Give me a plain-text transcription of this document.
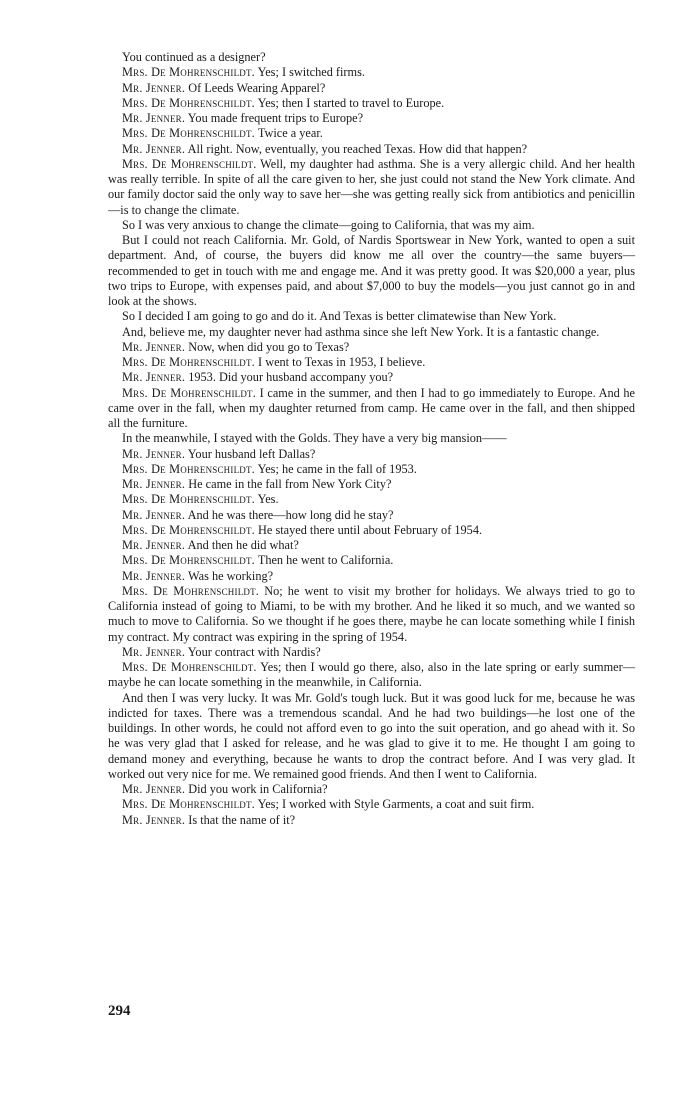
You continued as a designer?

Mrs. De Mohrenschildt. Yes; I switched firms.

Mr. Jenner. Of Leeds Wearing Apparel?

Mrs. De Mohrenschildt. Yes; then I started to travel to Europe.

Mr. Jenner. You made frequent trips to Europe?

Mrs. De Mohrenschildt. Twice a year.

Mr. Jenner. All right. Now, eventually, you reached Texas. How did that happen?

Mrs. De Mohrenschildt. Well, my daughter had asthma. She is a very allergic child. And her health was really terrible. In spite of all the care given to her, she just could not stand the New York climate. And our family doctor said the only way to save her—she was getting really sick from antibiotics and penicillin—is to change the climate.

So I was very anxious to change the climate—going to California, that was my aim.

But I could not reach California. Mr. Gold, of Nardis Sportswear in New York, wanted to open a suit department. And, of course, the buyers did know me all over the country—the same buyers—recommended to get in touch with me and engage me. And it was pretty good. It was $20,000 a year, plus two trips to Europe, with expenses paid, and about $7,000 to buy the models—you just cannot go in and look at the shows.

So I decided I am going to go and do it. And Texas is better climatewise than New York.

And, believe me, my daughter never had asthma since she left New York. It is a fantastic change.

Mr. Jenner. Now, when did you go to Texas?

Mrs. De Mohrenschildt. I went to Texas in 1953, I believe.

Mr. Jenner. 1953. Did your husband accompany you?

Mrs. De Mohrenschildt. I came in the summer, and then I had to go immediately to Europe. And he came over in the fall, when my daughter returned from camp. He came over in the fall, and then shipped all the furniture.

In the meanwhile, I stayed with the Golds. They have a very big mansion——

Mr. Jenner. Your husband left Dallas?

Mrs. De Mohrenschildt. Yes; he came in the fall of 1953.

Mr. Jenner. He came in the fall from New York City?

Mrs. De Mohrenschildt. Yes.

Mr. Jenner. And he was there—how long did he stay?

Mrs. De Mohrenschildt. He stayed there until about February of 1954.

Mr. Jenner. And then he did what?

Mrs. De Mohrenschildt. Then he went to California.

Mr. Jenner. Was he working?

Mrs. De Mohrenschildt. No; he went to visit my brother for holidays. We always tried to go to California instead of going to Miami, to be with my brother. And he liked it so much, and we wanted so much to move to California. So we thought if he goes there, maybe he can locate something while I finish my contract. My contract was expiring in the spring of 1954.

Mr. Jenner. Your contract with Nardis?

Mrs. De Mohrenschildt. Yes; then I would go there, also, also in the late spring or early summer—maybe he can locate something in the meanwhile, in California.

And then I was very lucky. It was Mr. Gold's tough luck. But it was good luck for me, because he was indicted for taxes. There was a tremendous scandal. And he had two buildings—he lost one of the buildings. In other words, he could not afford even to go into the suit operation, and go ahead with it. So he was very glad that I asked for release, and he was glad to give it to me. He thought I am going to demand money and everything, because he wants to drop the contract before. And I was very glad. It worked out very nice for me. We remained good friends. And then I went to California.

Mr. Jenner. Did you work in California?

Mrs. De Mohrenschildt. Yes; I worked with Style Garments, a coat and suit firm.

Mr. Jenner. Is that the name of it?

294
